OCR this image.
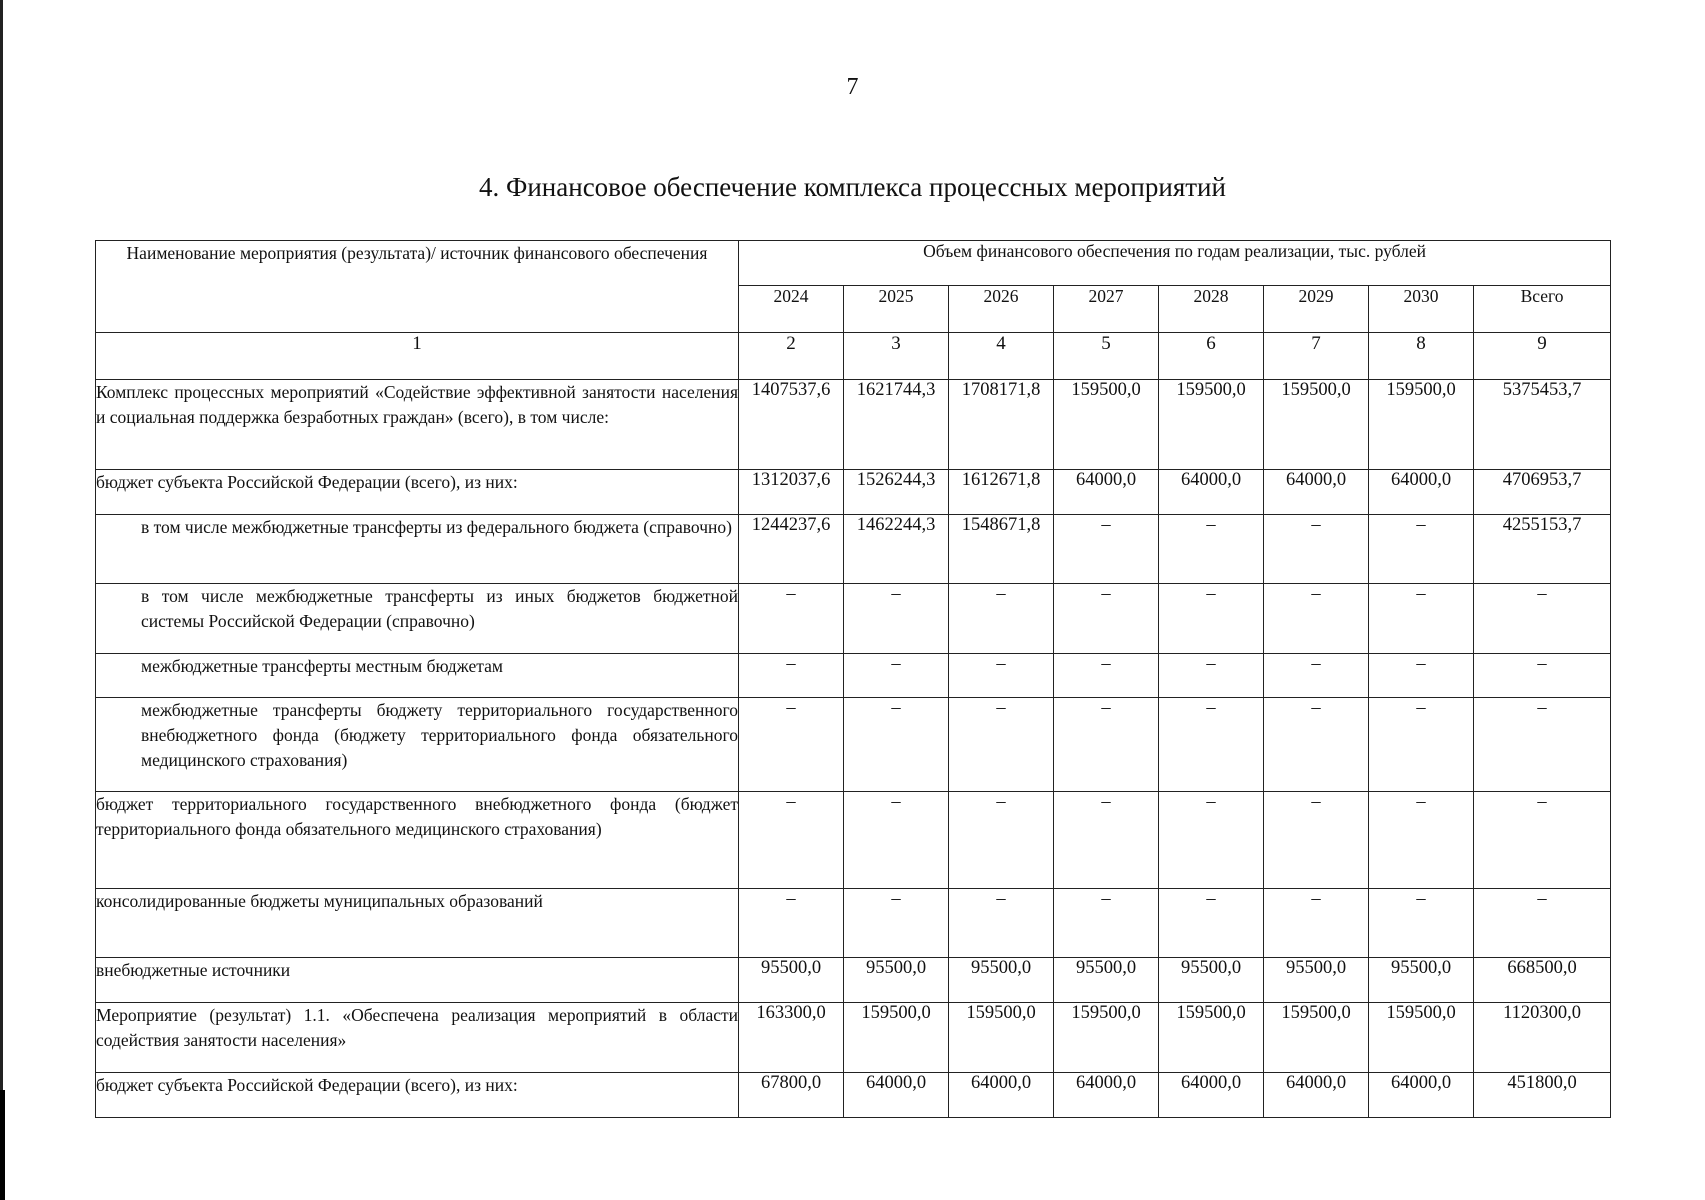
7
4. Финансовое обеспечение комплекса процессных мероприятий
Наименование мероприятия (результата)/ источник финансового обеспечения	Объем финансового обеспечения по годам реализации, тыс. рублей							
	2024	2025	2026	2027	2028	2029	2030	Всего
1	2	3	4	5	6	7	8	9
Комплекс процессных мероприятий «Содействие эффективной занятости населения и социальная поддержка безработных граждан» (всего), в том числе:	1407537,6	1621744,3	1708171,8	159500,0	159500,0	159500,0	159500,0	5375453,7
бюджет субъекта Российской Федерации (всего), из них:	1312037,6	1526244,3	1612671,8	64000,0	64000,0	64000,0	64000,0	4706953,7
в том числе межбюджетные трансферты из федерального бюджета (справочно)	1244237,6	1462244,3	1548671,8	–	–	–	–	4255153,7
в том числе межбюджетные трансферты из иных бюджетов бюджетной системы Российской Федерации (справочно)	–	–	–	–	–	–	–	–
межбюджетные трансферты местным бюджетам	–	–	–	–	–	–	–	–
межбюджетные трансферты бюджету территориального государственного внебюджетного фонда (бюджету территориального фонда обязательного медицинского страхования)	–	–	–	–	–	–	–	–
бюджет территориального государственного внебюджетного фонда (бюджет территориального фонда обязательного медицинского страхования)	–	–	–	–	–	–	–	–
консолидированные бюджеты муниципальных образований	–	–	–	–	–	–	–	–
внебюджетные источники	95500,0	95500,0	95500,0	95500,0	95500,0	95500,0	95500,0	668500,0
Мероприятие (результат) 1.1. «Обеспечена реализация мероприятий в области содействия занятости населения»	163300,0	159500,0	159500,0	159500,0	159500,0	159500,0	159500,0	1120300,0
бюджет субъекта Российской Федерации (всего), из них:	67800,0	64000,0	64000,0	64000,0	64000,0	64000,0	64000,0	451800,0
